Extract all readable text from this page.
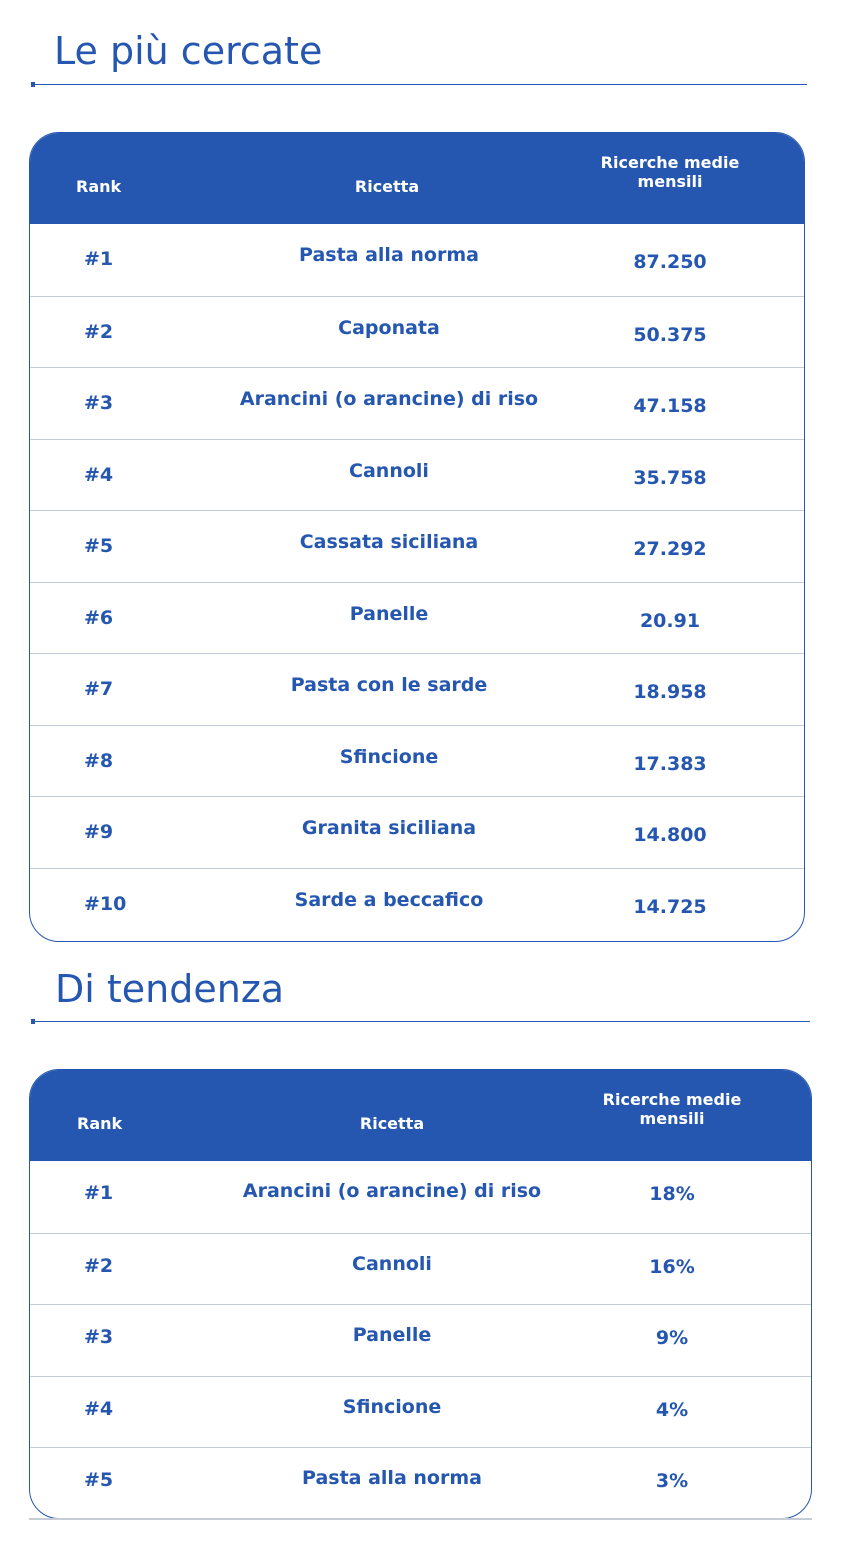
Le più cercate
Rank	Ricetta
Ricerche medie
mensili
#1	Pasta alla norma	87.250
#2	Caponata	50.375
#3	Arancini (o arancine) di riso	47.158
#4	Cannoli	35.758
#5	Cassata siciliana	27.292
#6	Panelle	20.91
#7	Pasta con le sarde	18.958
#8	Sfincione	17.383
#9	Granita siciliana	14.800
#10	Sarde a beccafico	14.725
Di tendenza
Rank	Ricetta
Ricerche medie
mensili
#1	Arancini (o arancine) di riso	18%
#2	Cannoli	16%
#3	Panelle	9%
#4	Sfincione	4%
#5	Pasta alla norma	3%
